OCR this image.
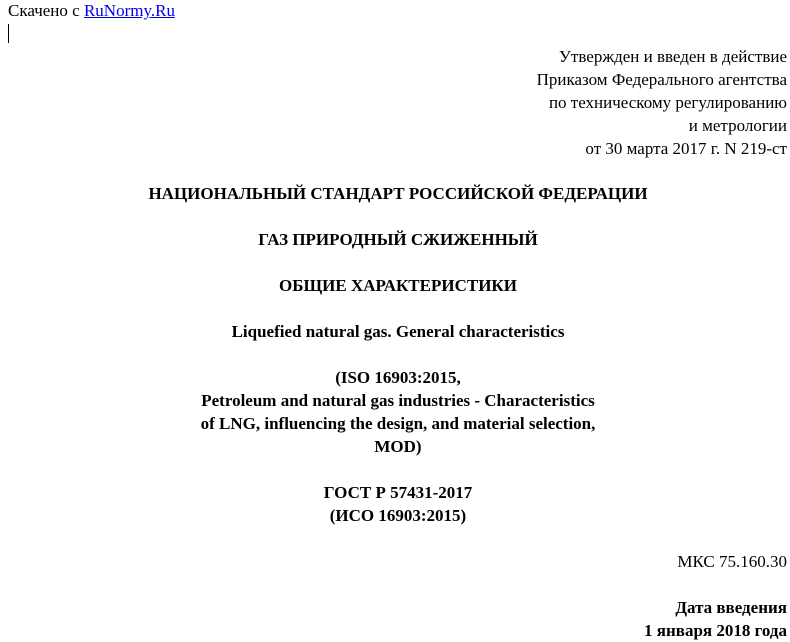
Скачено с RuNormy.Ru
Утвержден и введен в действие
Приказом Федерального агентства
по техническому регулированию
и метрологии
от 30 марта 2017 г. N 219-ст
НАЦИОНАЛЬНЫЙ СТАНДАРТ РОССИЙСКОЙ ФЕДЕРАЦИИ
ГАЗ ПРИРОДНЫЙ СЖИЖЕННЫЙ
ОБЩИЕ ХАРАКТЕРИСТИКИ
Liquefied natural gas. General characteristics
(ISO 16903:2015,
Petroleum and natural gas industries - Characteristics
of LNG, influencing the design, and material selection,
MOD)
ГОСТ Р 57431-2017
(ИСО 16903:2015)
МКС 75.160.30
Дата введения
1 января 2018 года
